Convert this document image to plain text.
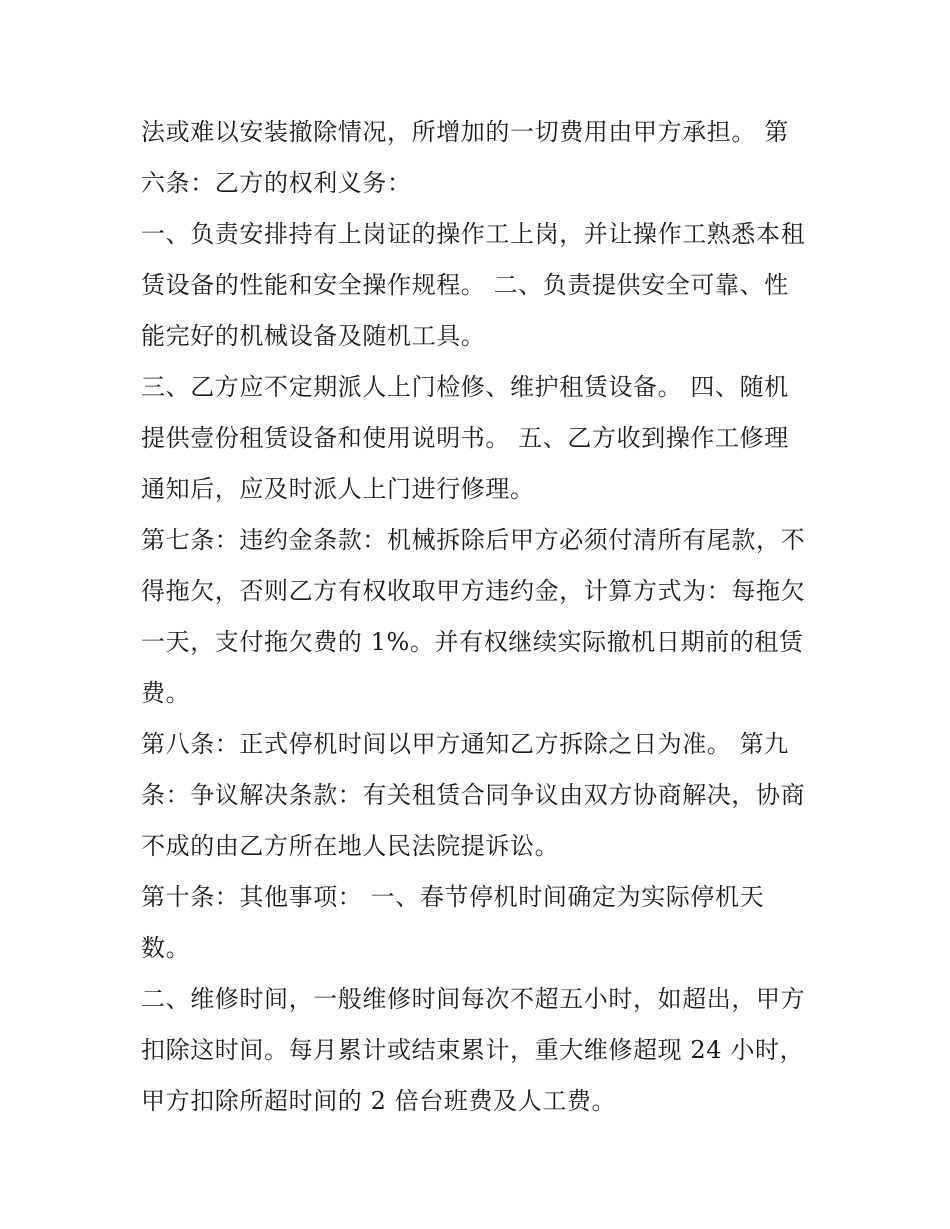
法或难以安装撤除情况，所增加的一切费用由甲方承担。 第
六条：乙方的权利义务：
一、负责安排持有上岗证的操作工上岗，并让操作工熟悉本租
赁设备的性能和安全操作规程。 二、负责提供安全可靠、性
能完好的机械设备及随机工具。
三、乙方应不定期派人上门检修、维护租赁设备。 四、随机
提供壹份租赁设备和使用说明书。 五、乙方收到操作工修理
通知后，应及时派人上门进行修理。
第七条：违约金条款：机械拆除后甲方必须付清所有尾款，不
得拖欠，否则乙方有权收取甲方违约金，计算方式为：每拖欠
一天，支付拖欠费的 1%。并有权继续实际撤机日期前的租赁
费。
第八条：正式停机时间以甲方通知乙方拆除之日为准。 第九
条：争议解决条款：有关租赁合同争议由双方协商解决，协商
不成的由乙方所在地人民法院提诉讼。
第十条：其他事项： 一、春节停机时间确定为实际停机天
数。
二、维修时间，一般维修时间每次不超五小时，如超出，甲方
扣除这时间。每月累计或结束累计，重大维修超现 24 小时，
甲方扣除所超时间的 2 倍台班费及人工费。
